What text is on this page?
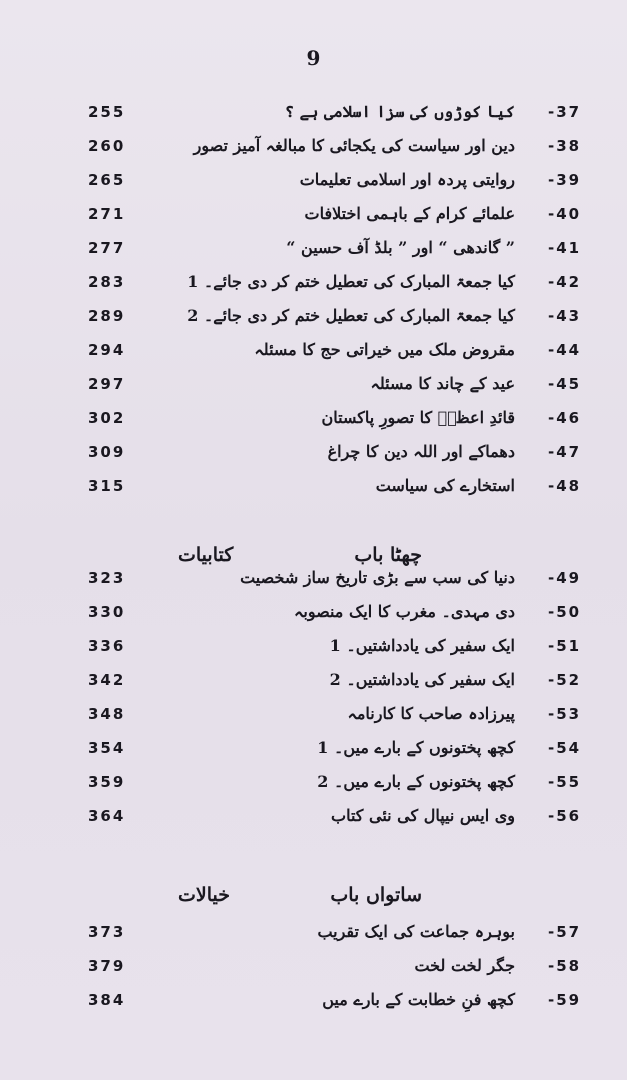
9
255	کیا کوڑوں کی سزا اسلامی ہے ؟ -37
260	دین اور سیاست کی یکجائی کا مبالغہ آمیز تصور -38
265	روایتی پردہ اور اسلامی تعلیمات -39
271	علمائے کرام کے باہمی اختلافات -40
277	” گاندھی “ اور ” بلڈ آف حسین “ -41
283	کیا جمعۃ المبارک کی تعطیل ختم کر دی جائے۔ 1 -42
289	کیا جمعۃ المبارک کی تعطیل ختم کر دی جائے۔ 2 -43
294	مقروض ملک میں خیراتی حج کا مسئلہ -44
297	عید کے چاند کا مسئلہ -45
302	قائدِ اعظمؒ کا تصورِ پاکستان -46
309	دھماکے اور اللہ دین کا چراغ -47
315	استخارے کی سیاست -48
چھٹا باب
کتابیات
323	دنیا کی سب سے بڑی تاریخ ساز شخصیت -49
330	دی مہدی۔ مغرب کا ایک منصوبہ -50
336	ایک سفیر کی یادداشتیں۔ 1 -51
342	ایک سفیر کی یادداشتیں۔ 2 -52
348	پیرزادہ صاحب کا کارنامہ -53
354	کچھ پختونوں کے بارے میں۔ 1 -54
359	کچھ پختونوں کے بارے میں۔ 2 -55
364	وی ایس نیپال کی نئی کتاب -56
ساتواں باب
خیالات
373	بوہرہ جماعت کی ایک تقریب -57
379	جگر لخت لخت -58
384	کچھ فنِ خطابت کے بارے میں -59
